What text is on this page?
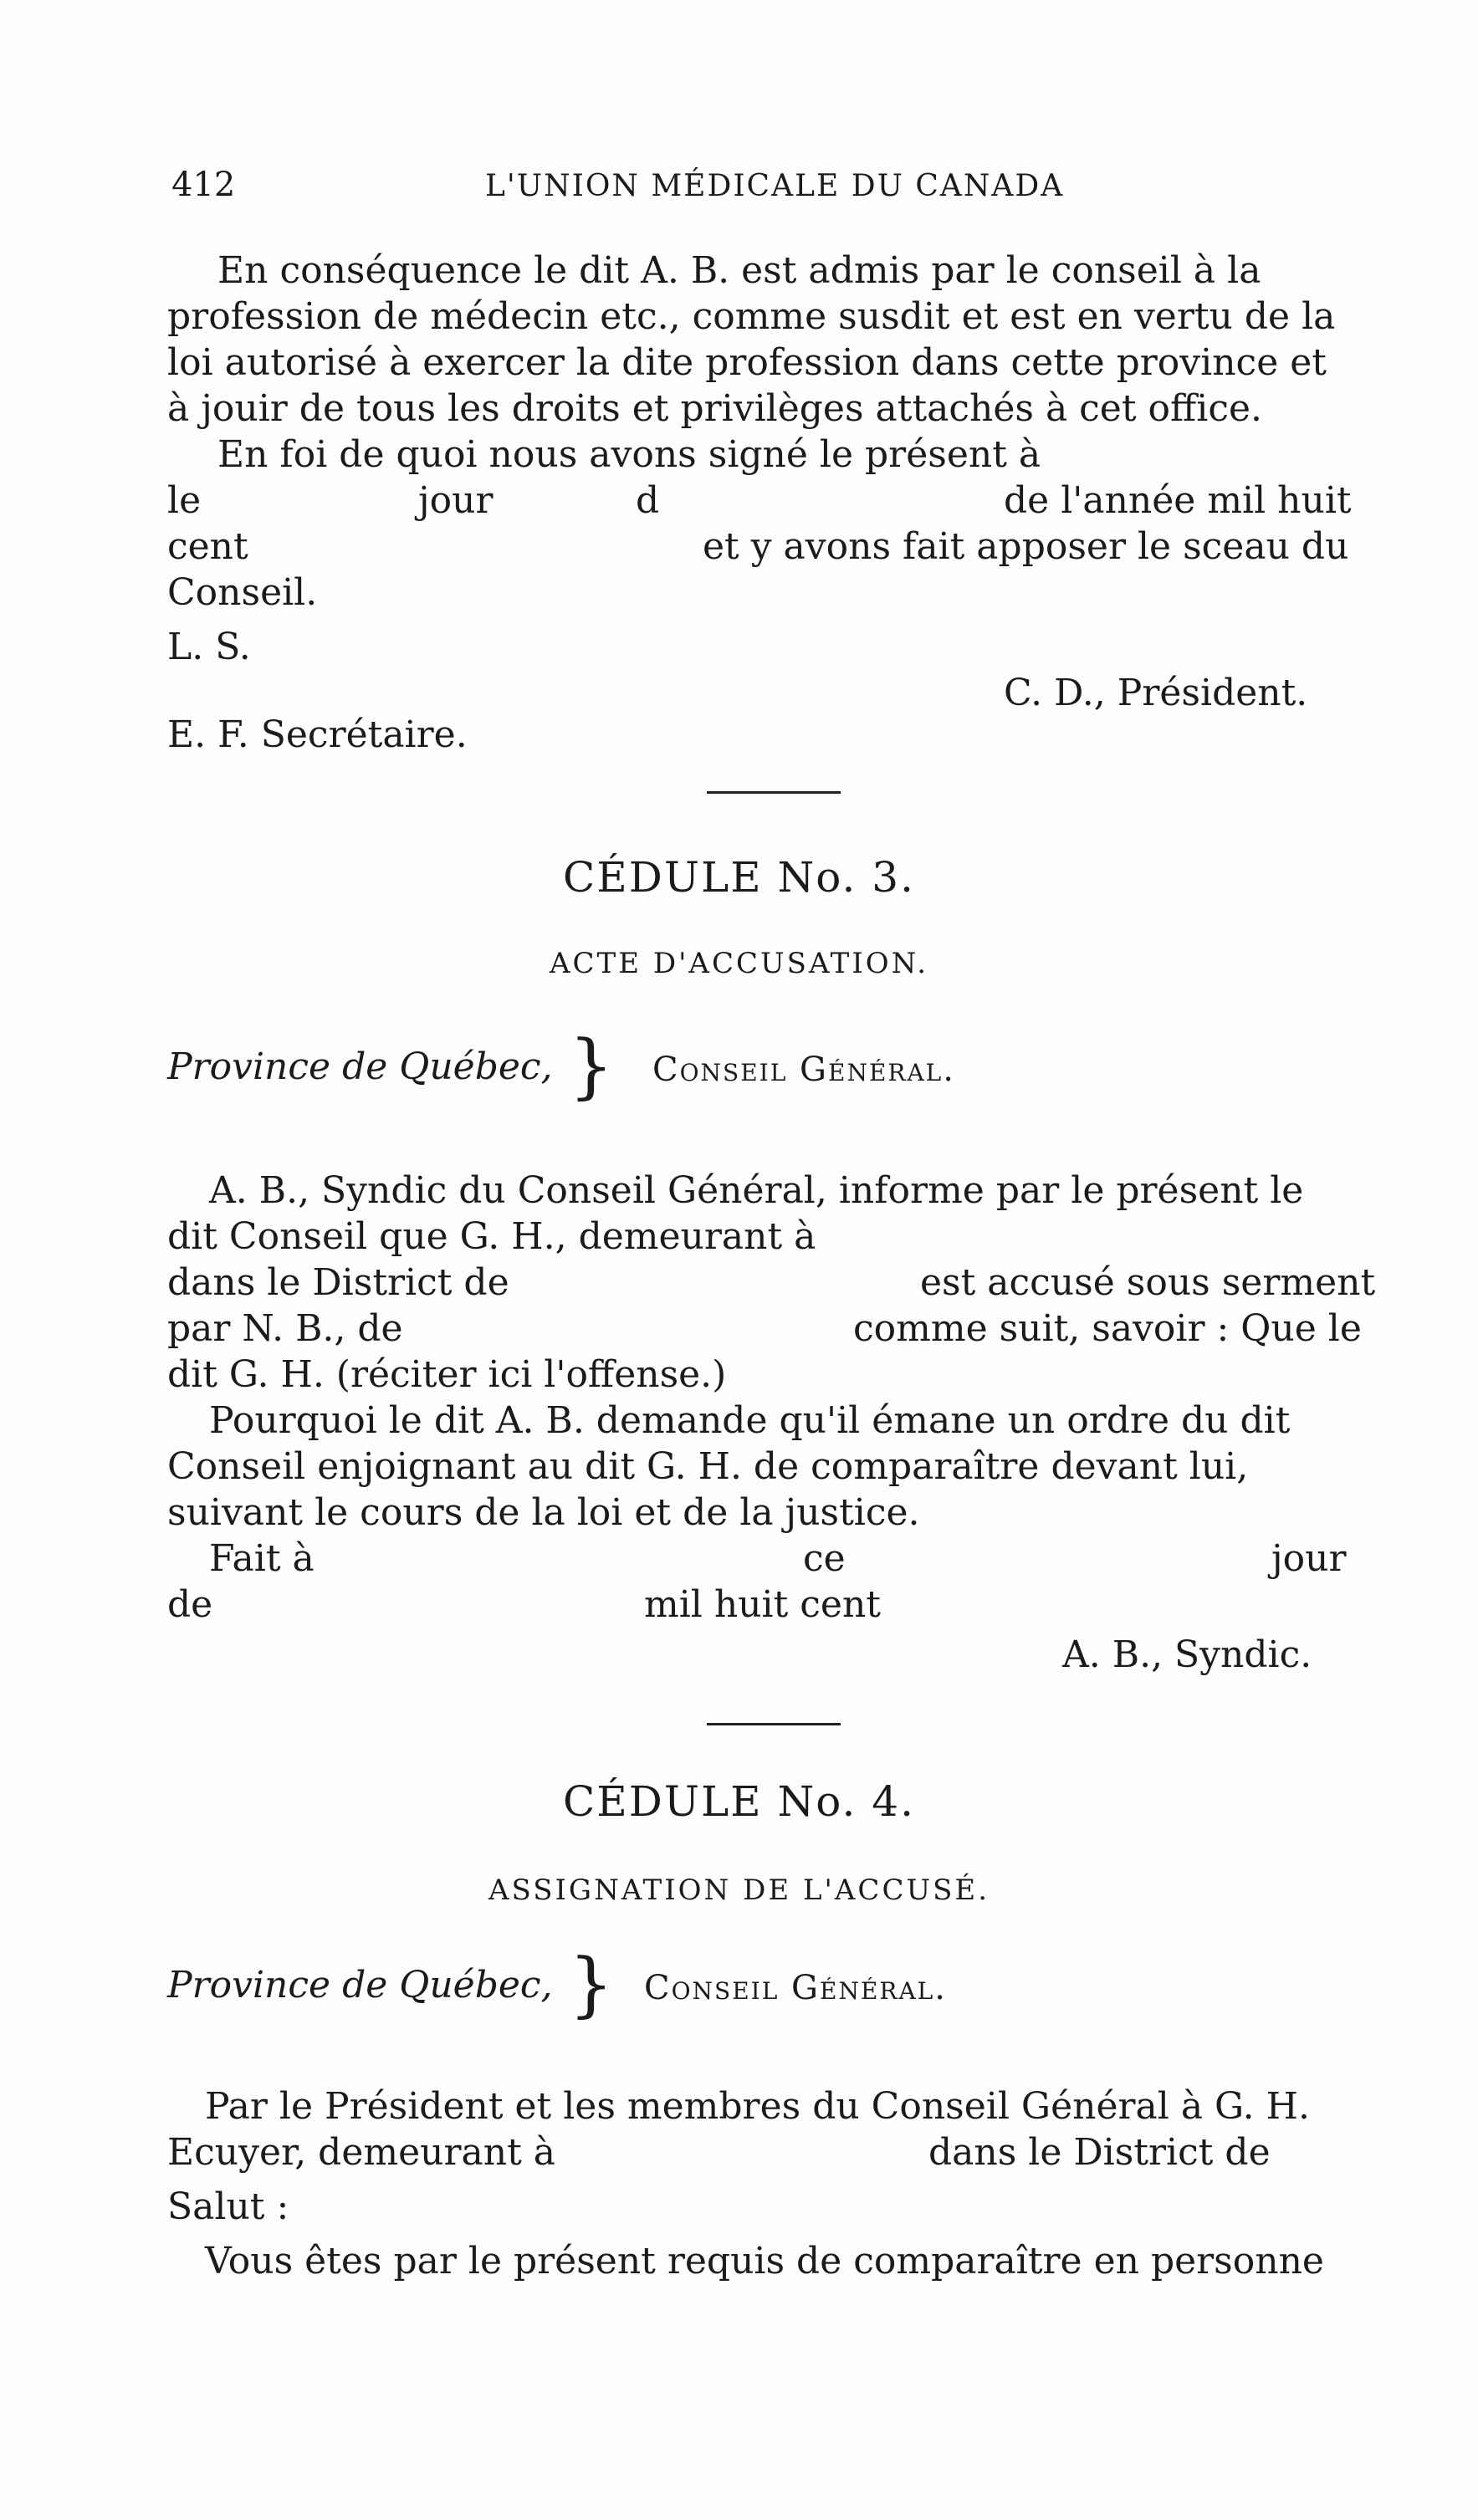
412	L'UNION MÉDICALE DU CANADA
En conséquence le dit A. B. est admis par le conseil à la
profession de médecin etc., comme susdit et est en vertu de la
loi autorisé à exercer la dite profession dans cette province et
à jouir de tous les droits et privilèges attachés à cet office.
En foi de quoi nous avons signé le présent à
le	jour	d	de l'année mil huit
cent	et y avons fait apposer le sceau du
Conseil.
L. S.
C. D., Président.
E. F. Secrétaire.
CÉDULE No. 3.
ACTE D'ACCUSATION.
Province de Québec, } Conseil Général.
A. B., Syndic du Conseil Général, informe par le présent le
dit Conseil que G. H., demeurant à
dans le District de	est accusé sous serment
par N. B., de	comme suit, savoir : Que le
dit G. H. (réciter ici l'offense.)
Pourquoi le dit A. B. demande qu'il émane un ordre du dit
Conseil enjoignant au dit G. H. de comparaître devant lui,
suivant le cours de la loi et de la justice.
Fait à	ce	jour
de	mil huit cent
A. B., Syndic.
CÉDULE No. 4.
ASSIGNATION DE L'ACCUSÉ.
Province de Québec, } Conseil Général.
Par le Président et les membres du Conseil Général à G. H.
Ecuyer, demeurant à	dans le District de
Salut :
Vous êtes par le présent requis de comparaître en personne
